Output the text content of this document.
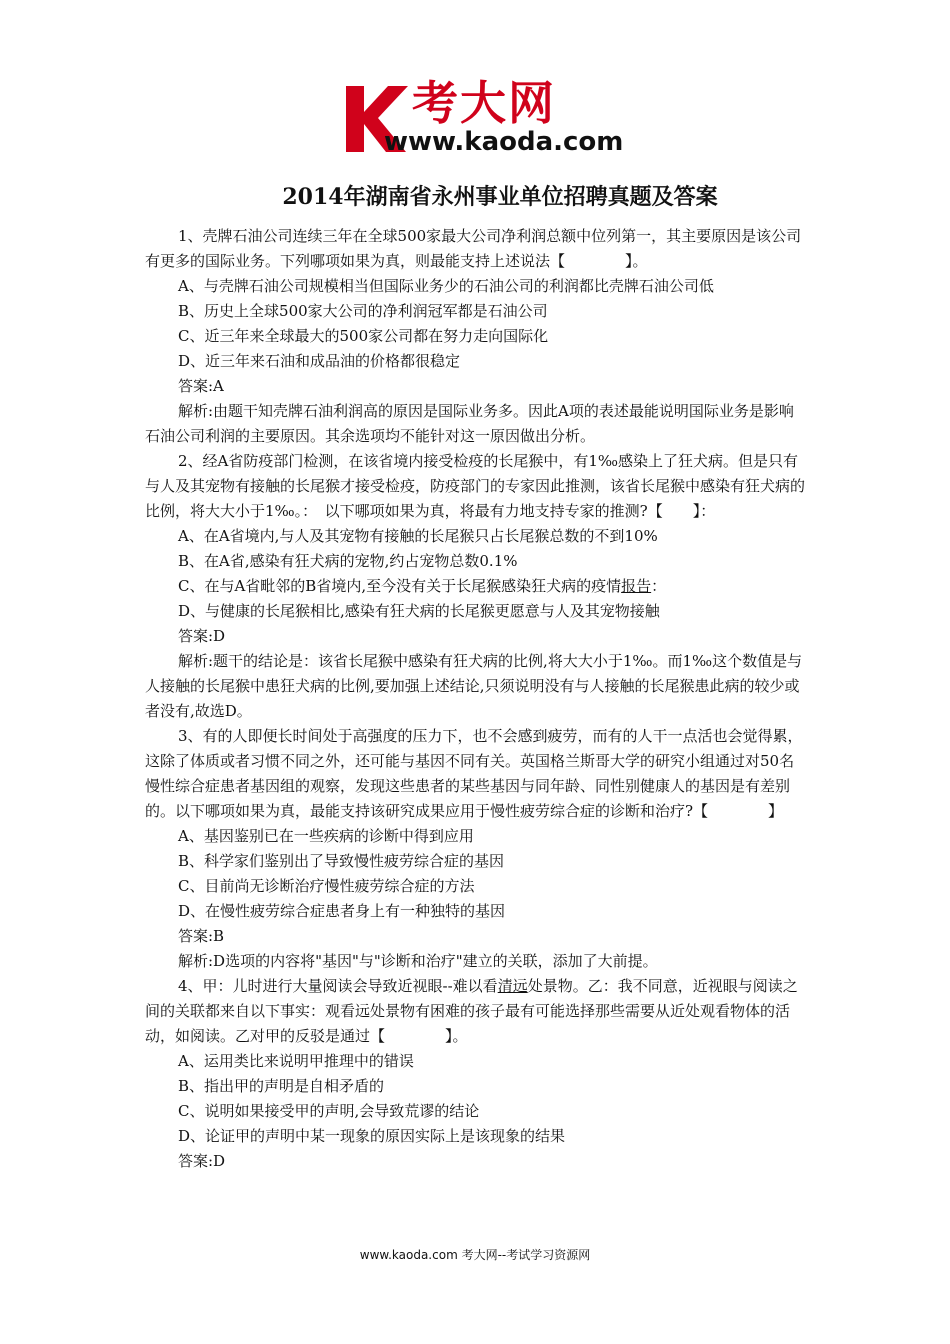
考大网
www.kaoda.com
2014年湖南省永州事业单位招聘真题及答案

1、壳牌石油公司连续三年在全球500家最大公司净利润总额中位列第一，其主要原因是该公司有更多的国际业务。下列哪项如果为真，则最能支持上述说法【　　　　】。

A、与壳牌石油公司规模相当但国际业务少的石油公司的利润都比壳牌石油公司低

B、历史上全球500家大公司的净利润冠军都是石油公司

C、近三年来全球最大的500家公司都在努力走向国际化

D、近三年来石油和成品油的价格都很稳定

答案:A

解析:由题干知壳牌石油利润高的原因是国际业务多。因此A项的表述最能说明国际业务是影响石油公司利润的主要原因。其余选项均不能针对这一原因做出分析。

2、经A省防疫部门检测，在该省境内接受检疫的长尾猴中，有1‰感染上了狂犬病。但是只有与人及其宠物有接触的长尾猴才接受检疫，防疫部门的专家因此推测，该省长尾猴中感染有狂犬病的比例，将大大小于1‰。：　以下哪项如果为真，将最有力地支持专家的推测?【　　】：

A、在A省境内,与人及其宠物有接触的长尾猴只占长尾猴总数的不到10%

B、在A省,感染有狂犬病的宠物,约占宠物总数0.1%

C、在与A省毗邻的B省境内,至今没有关于长尾猴感染狂犬病的疫情报告：

D、与健康的长尾猴相比,感染有狂犬病的长尾猴更愿意与人及其宠物接触

答案:D

解析:题干的结论是：该省长尾猴中感染有狂犬病的比例,将大大小于1‰。而1‰这个数值是与人接触的长尾猴中患狂犬病的比例,要加强上述结论,只须说明没有与人接触的长尾猴患此病的较少或者没有,故选D。

3、有的人即便长时间处于高强度的压力下，也不会感到疲劳，而有的人干一点活也会觉得累，这除了体质或者习惯不同之外，还可能与基因不同有关。英国格兰斯哥大学的研究小组通过对50名慢性综合症患者基因组的观察，发现这些患者的某些基因与同年龄、同性别健康人的基因是有差别的。以下哪项如果为真，最能支持该研究成果应用于慢性疲劳综合症的诊断和治疗?【　　　　】

A、基因鉴别已在一些疾病的诊断中得到应用

B、科学家们鉴别出了导致慢性疲劳综合症的基因

C、目前尚无诊断治疗慢性疲劳综合症的方法

D、在慢性疲劳综合症患者身上有一种独特的基因

答案:B

解析:D选项的内容将"基因"与"诊断和治疗"建立的关联，添加了大前提。

4、甲：儿时进行大量阅读会导致近视眼--难以看清远处景物。乙：我不同意，近视眼与阅读之间的关联都来自以下事实：观看远处景物有困难的孩子最有可能选择那些需要从近处观看物体的活动，如阅读。乙对甲的反驳是通过【　　　　】。

A、运用类比来说明甲推理中的错误

B、指出甲的声明是自相矛盾的

C、说明如果接受甲的声明,会导致荒谬的结论

D、论证甲的声明中某一现象的原因实际上是该现象的结果

答案:D

www.kaoda.com 考大网--考试学习资源网
